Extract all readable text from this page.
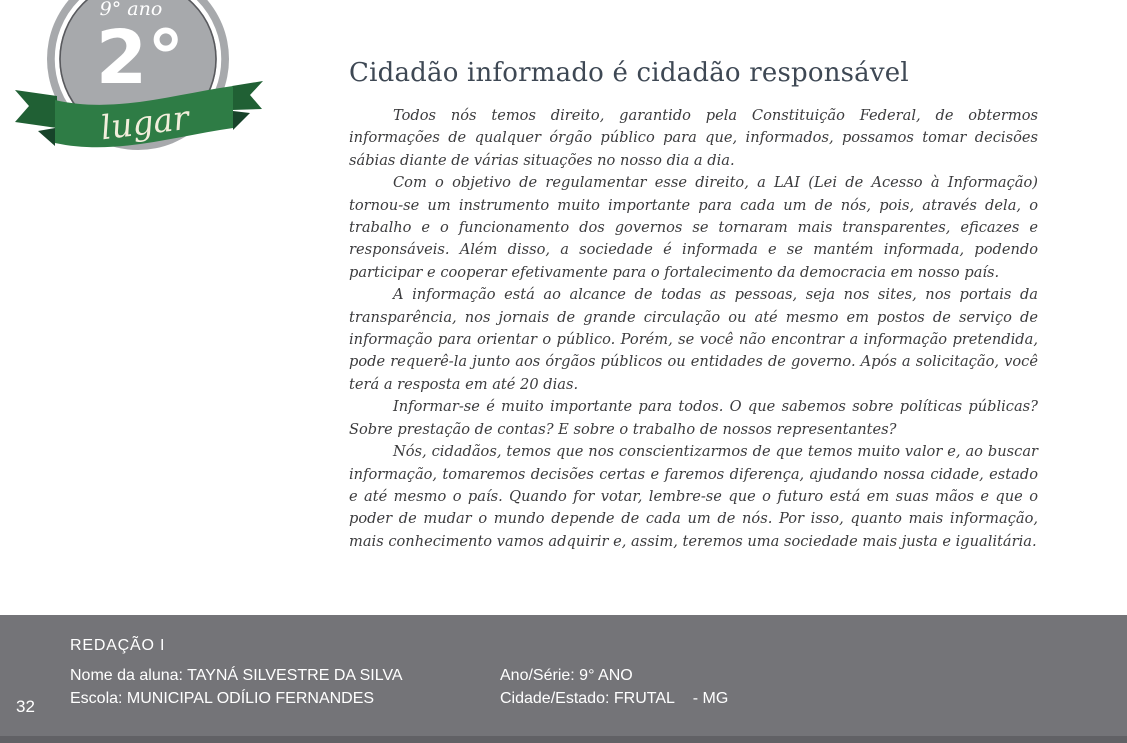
9° ano
2°
lugar
Cidadão informado é cidadão responsável

Todos nós temos direito, garantido pela Constituição Federal, de obtermos informações de qualquer órgão público para que, informados, possamos tomar decisões sábias diante de várias situações no nosso dia a dia.

Com o objetivo de regulamentar esse direito, a LAI (Lei de Acesso à Informação) tornou-se um instrumento muito importante para cada um de nós, pois, através dela, o trabalho e o funcionamento dos governos se tornaram mais transparentes, eficazes e responsáveis. Além disso, a sociedade é informada e se mantém informada, podendo participar e cooperar efetivamente para o fortalecimento da democracia em nosso país.

A informação está ao alcance de todas as pessoas, seja nos sites, nos portais da transparência, nos jornais de grande circulação ou até mesmo em postos de serviço de informação para orientar o público. Porém, se você não encontrar a informação pretendida, pode requerê-la junto aos órgãos públicos ou entidades de governo. Após a solicitação, você terá a resposta em até 20 dias.

Informar-se é muito importante para todos. O que sabemos sobre políticas públicas? Sobre prestação de contas? E sobre o trabalho de nossos representantes?

Nós, cidadãos, temos que nos conscientizarmos de que temos muito valor e, ao buscar informação, tomaremos decisões certas e faremos diferença, ajudando nossa cidade, estado e até mesmo o país. Quando for votar, lembre-se que o futuro está em suas mãos e que o poder de mudar o mundo depende de cada um de nós. Por isso, quanto mais informação, mais conhecimento vamos adquirir e, assim, teremos uma sociedade mais justa e igualitária.

REDAÇÃO I
Nome da aluna: TAYNÁ SILVESTRE DA SILVA
Escola: MUNICIPAL ODÍLIO FERNANDES
Ano/Série: 9° ANO
Cidade/Estado: FRUTAL - MG
32
